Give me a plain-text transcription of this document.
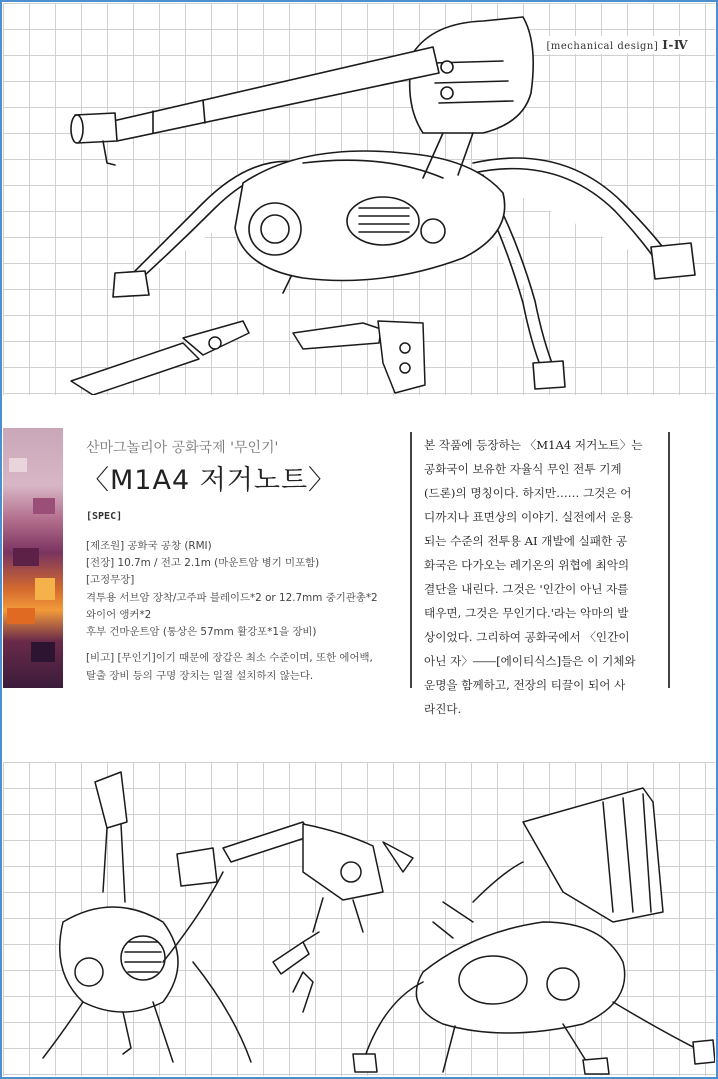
[mechanical design] I-Ⅳ
산마그놀리아 공화국제 '무인기'
〈M1A4 저거노트〉
[SPEC]
[제조원] 공화국 공창 (RMI)
[전장] 10.7m / 전고 2.1m (마운트암 병기 미포함)
[고정무장]
격투용 서브암 장착/고주파 블레이드*2 or 12.7mm 중기관총*2
와이어 앵커*2
후부 건마운트암 (통상은 57mm 활강포*1을 장비)
[비고] [무인기]이기 때문에 장갑은 최소 수준이며, 또한 에어백,
탈출 장비 등의 구명 장치는 일절 설치하지 않는다.
본 작품에 등장하는 〈M1A4 저거노트〉는
공화국이 보유한 자율식 무인 전투 기계
(드론)의 명칭이다. 하지만…… 그것은 어
디까지나 표면상의 이야기. 실전에서 운용
되는 수준의 전투용 AI 개발에 실패한 공
화국은 다가오는 레기온의 위협에 최악의
결단을 내린다. 그것은 '인간이 아닌 자를
태우면, 그것은 무인기다.'라는 악마의 발
상이었다. 그리하여 공화국에서 〈인간이
아닌 자〉――[에이티식스]들은 이 기체와
운명을 함께하고, 전장의 티끌이 되어 사
라진다.
